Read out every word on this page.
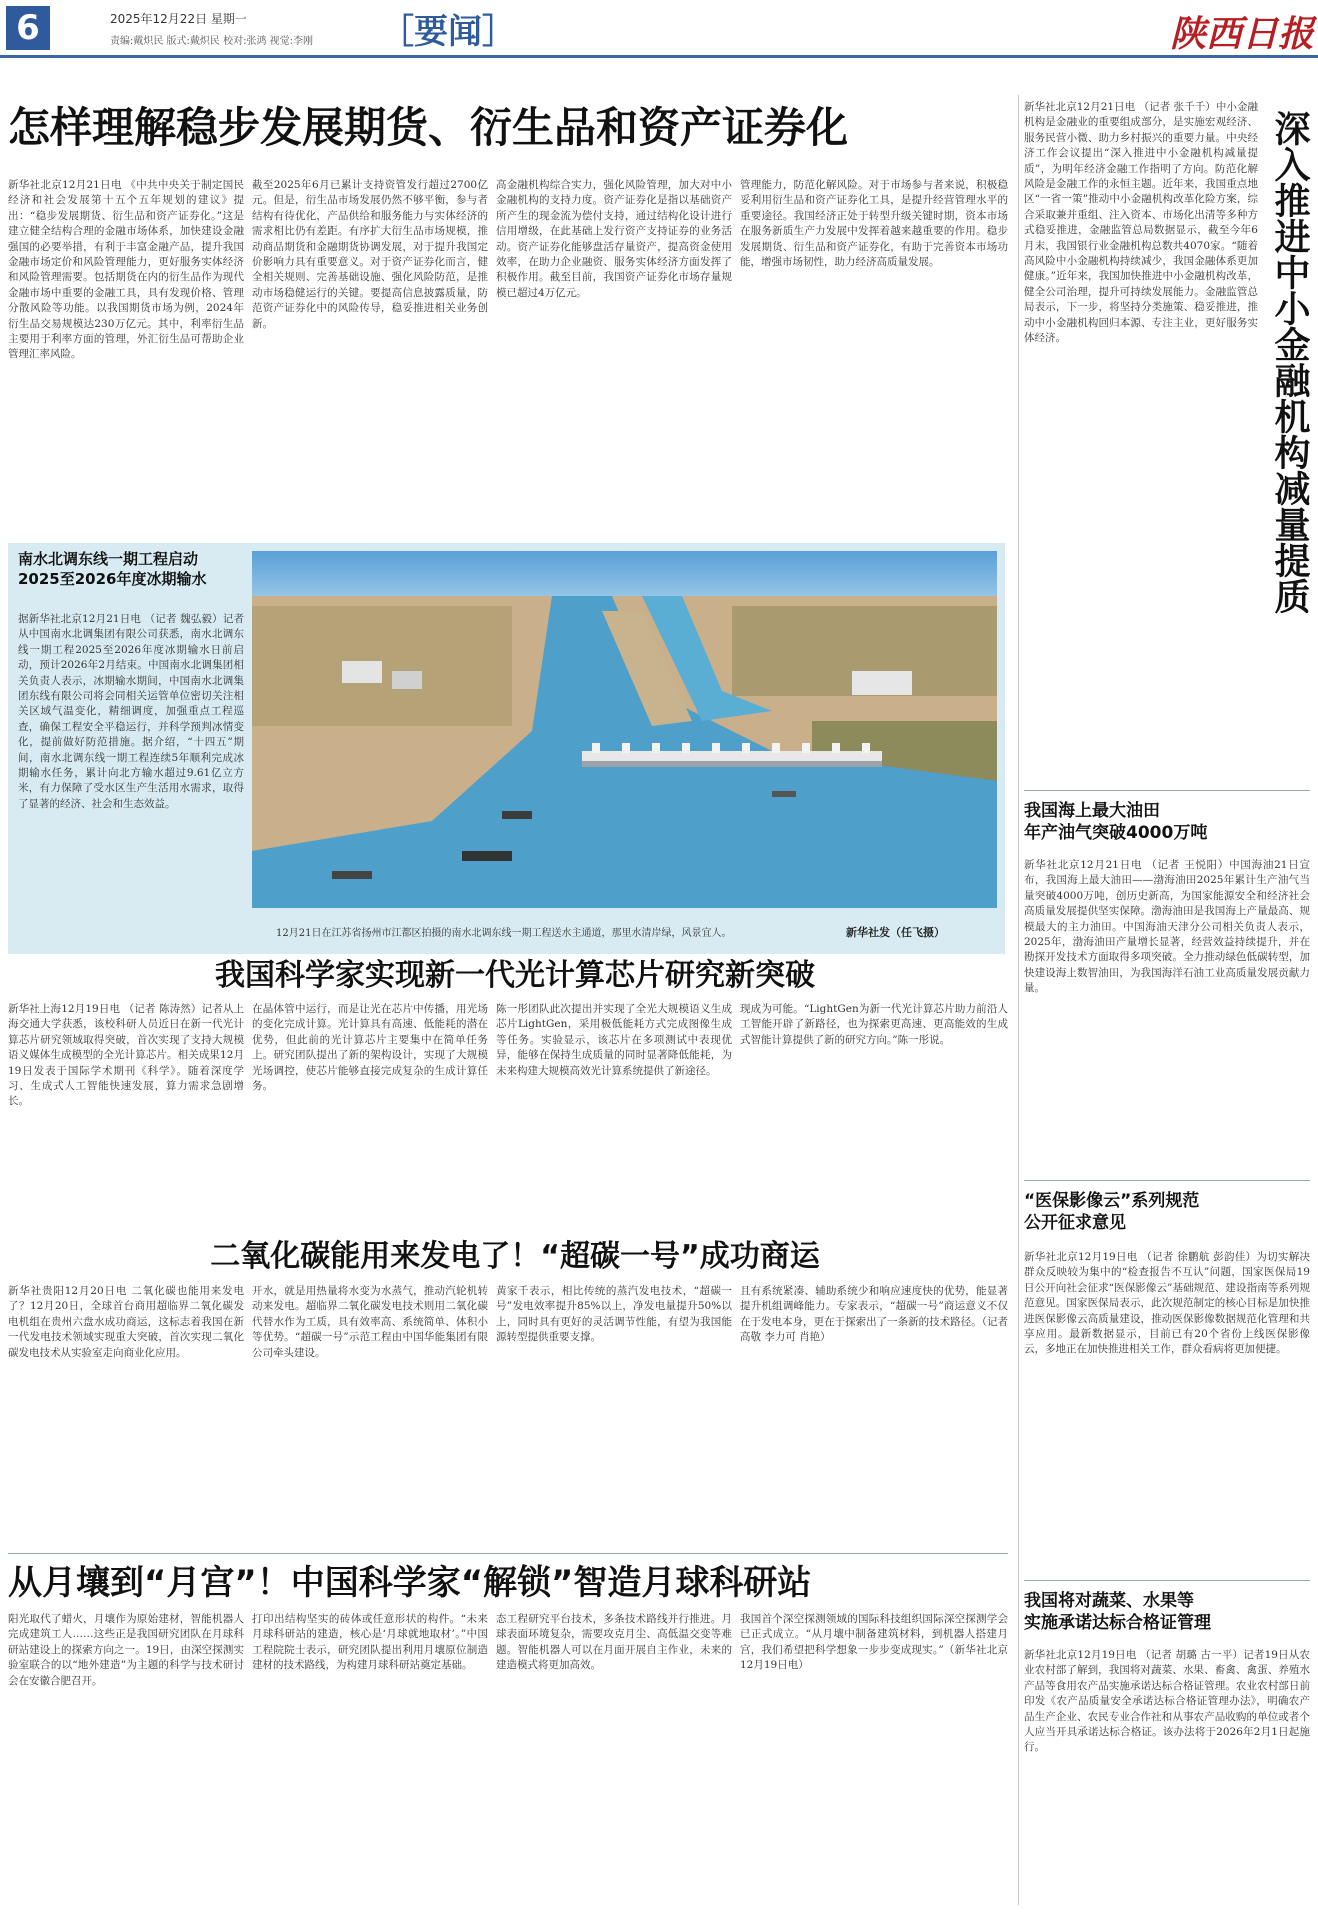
6	2025年12月22日 星期一
责编:戴炽民 版式:戴炽民 校对:张鸿 视觉:李刚 ［要闻］	陕西日报
怎样理解稳步发展期货、衍生品和资产证券化
新华社北京12月21日电 《中共中央关于制定国民经济和社会发展第十五个五年规划的建议》提出：“稳步发展期货、衍生品和资产证券化。”这是建立健全结构合理的金融市场体系，加快建设金融强国的必要举措，有利于丰富金融产品，提升我国金融市场定价和风险管理能力，更好服务实体经济和风险管理需要。包括期货在内的衍生品作为现代金融市场中重要的金融工具，具有发现价格、管理分散风险等功能。以我国期货市场为例，2024年衍生品交易规模达230万亿元。其中，利率衍生品主要用于利率方面的管理，外汇衍生品可帮助企业管理汇率风险。
截至2025年6月已累计支持资管发行超过2700亿元。但是，衍生品市场发展仍然不够平衡，参与者结构有待优化，产品供给和服务能力与实体经济的需求相比仍有差距。有序扩大衍生品市场规模，推动商品期货和金融期货协调发展，对于提升我国定价影响力具有重要意义。对于资产证券化而言，健全相关规则、完善基础设施、强化风险防范，是推动市场稳健运行的关键。要提高信息披露质量，防范资产证券化中的风险传导，稳妥推进相关业务创新。
高金融机构综合实力，强化风险管理，加大对中小金融机构的支持力度。资产证券化是指以基础资产所产生的现金流为偿付支持，通过结构化设计进行信用增级，在此基础上发行资产支持证券的业务活动。资产证券化能够盘活存量资产，提高资金使用效率，在助力企业融资、服务实体经济方面发挥了积极作用。截至目前，我国资产证券化市场存量规模已超过4万亿元。
管理能力，防范化解风险。对于市场参与者来说，积极稳妥利用衍生品和资产证券化工具，是提升经营管理水平的重要途径。我国经济正处于转型升级关键时期，资本市场在服务新质生产力发展中发挥着越来越重要的作用。稳步发展期货、衍生品和资产证券化，有助于完善资本市场功能，增强市场韧性，助力经济高质量发展。
南水北调东线一期工程启动
2025至2026年度冰期输水
据新华社北京12月21日电 （记者 魏弘毅）记者从中国南水北调集团有限公司获悉，南水北调东线一期工程2025至2026年度冰期输水日前启动，预计2026年2月结束。中国南水北调集团相关负责人表示，冰期输水期间，中国南水北调集团东线有限公司将会同相关运管单位密切关注相关区域气温变化，精细调度，加强重点工程巡查，确保工程安全平稳运行，并科学预判冰情变化，提前做好防范措施。据介绍，“十四五”期间，南水北调东线一期工程连续5年顺利完成冰期输水任务，累计向北方输水超过9.61亿立方米，有力保障了受水区生产生活用水需求，取得了显著的经济、社会和生态效益。
12月21日在江苏省扬州市江都区拍摄的南水北调东线一期工程送水主通道，那里水清岸绿，风景宜人。	新华社发（任飞摄）
我国科学家实现新一代光计算芯片研究新突破
新华社上海12月19日电 （记者 陈涛然）记者从上海交通大学获悉，该校科研人员近日在新一代光计算芯片研究领域取得突破，首次实现了支持大规模语义媒体生成模型的全光计算芯片。相关成果12月19日发表于国际学术期刊《科学》。随着深度学习、生成式人工智能快速发展，算力需求急剧增长。
在晶体管中运行，而是让光在芯片中传播，用光场的变化完成计算。光计算具有高速、低能耗的潜在优势，但此前的光计算芯片主要集中在简单任务上。研究团队提出了新的架构设计，实现了大规模光场调控，使芯片能够直接完成复杂的生成计算任务。
陈一彤团队此次提出并实现了全光大规模语义生成芯片LightGen，采用极低能耗方式完成图像生成等任务。实验显示，该芯片在多项测试中表现优异，能够在保持生成质量的同时显著降低能耗，为未来构建大规模高效光计算系统提供了新途径。
现成为可能。“LightGen为新一代光计算芯片助力前沿人工智能开辟了新路径，也为探索更高速、更高能效的生成式智能计算提供了新的研究方向。”陈一彤说。
二氧化碳能用来发电了！“超碳一号”成功商运
新华社贵阳12月20日电 二氧化碳也能用来发电了？12月20日，全球首台商用超临界二氧化碳发电机组在贵州六盘水成功商运，这标志着我国在新一代发电技术领域实现重大突破，首次实现二氧化碳发电技术从实验室走向商业化应用。
开水，就是用热量将水变为水蒸气，推动汽轮机转动来发电。超临界二氧化碳发电技术则用二氧化碳代替水作为工质，具有效率高、系统简单、体积小等优势。“超碳一号”示范工程由中国华能集团有限公司牵头建设。
黄家千表示，相比传统的蒸汽发电技术，“超碳一号”发电效率提升85%以上，净发电量提升50%以上，同时具有更好的灵活调节性能，有望为我国能源转型提供重要支撑。
且有系统紧凑、辅助系统少和响应速度快的优势，能显著提升机组调峰能力。专家表示，“超碳一号”商运意义不仅在于发电本身，更在于探索出了一条新的技术路径。（记者 高敬 李力可 肖艳）
从月壤到“月宫”！中国科学家“解锁”智造月球科研站
阳光取代了蜡火，月壤作为原始建材，智能机器人完成建筑工人……这些正是我国研究团队在月球科研站建设上的探索方向之一。19日，由深空探测实验室联合的以“地外建造”为主题的科学与技术研讨会在安徽合肥召开。
打印出结构坚实的砖体或任意形状的构件。“未来月球科研站的建造，核心是‘月球就地取材’。”中国工程院院士表示，研究团队提出利用月壤原位制造建材的技术路线，为构建月球科研站奠定基础。
态工程研究平台技术，多条技术路线并行推进。月球表面环境复杂，需要攻克月尘、高低温交变等难题。智能机器人可以在月面开展自主作业，未来的建造模式将更加高效。
我国首个深空探测领域的国际科技组织国际深空探测学会已正式成立。“从月壤中制备建筑材料，到机器人搭建月宫，我们希望把科学想象一步步变成现实。”（新华社北京12月19日电）
深入推进中小金融机构减量提质
新华社北京12月21日电 （记者 张千千）中小金融机构是金融业的重要组成部分，是实施宏观经济、服务民营小微、助力乡村振兴的重要力量。中央经济工作会议提出“深入推进中小金融机构减量提质”，为明年经济金融工作指明了方向。防范化解风险是金融工作的永恒主题。近年来，我国重点地区“一省一策”推动中小金融机构改革化险方案，综合采取兼并重组、注入资本、市场化出清等多种方式稳妥推进，金融监管总局数据显示，截至今年6月末，我国银行业金融机构总数共4070家。“随着高风险中小金融机构持续减少，我国金融体系更加健康。”近年来，我国加快推进中小金融机构改革，健全公司治理，提升可持续发展能力。金融监管总局表示，下一步，将坚持分类施策、稳妥推进，推动中小金融机构回归本源、专注主业，更好服务实体经济。
我国海上最大油田
年产油气突破4000万吨
新华社北京12月21日电 （记者 王悦阳）中国海油21日宣布，我国海上最大油田——渤海油田2025年累计生产油气当量突破4000万吨，创历史新高，为国家能源安全和经济社会高质量发展提供坚实保障。渤海油田是我国海上产量最高、规模最大的主力油田。中国海油天津分公司相关负责人表示，2025年，渤海油田产量增长显著，经营效益持续提升，并在勘探开发技术方面取得多项突破。全力推动绿色低碳转型，加快建设海上数智油田，为我国海洋石油工业高质量发展贡献力量。
“医保影像云”系列规范
公开征求意见
新华社北京12月19日电 （记者 徐鹏航 彭韵佳）为切实解决群众反映较为集中的“检查报告不互认”问题，国家医保局19日公开向社会征求“医保影像云”基础规范、建设指南等系列规范意见。国家医保局表示，此次规范制定的核心目标是加快推进医保影像云高质量建设，推动医保影像数据规范化管理和共享应用。最新数据显示，目前已有20个省份上线医保影像云，多地正在加快推进相关工作，群众看病将更加便捷。
我国将对蔬菜、水果等
实施承诺达标合格证管理
新华社北京12月19日电 （记者 胡璐 古一平）记者19日从农业农村部了解到，我国将对蔬菜、水果、畜禽、禽蛋、养殖水产品等食用农产品实施承诺达标合格证管理。农业农村部日前印发《农产品质量安全承诺达标合格证管理办法》，明确农产品生产企业、农民专业合作社和从事农产品收购的单位或者个人应当开具承诺达标合格证。该办法将于2026年2月1日起施行。
